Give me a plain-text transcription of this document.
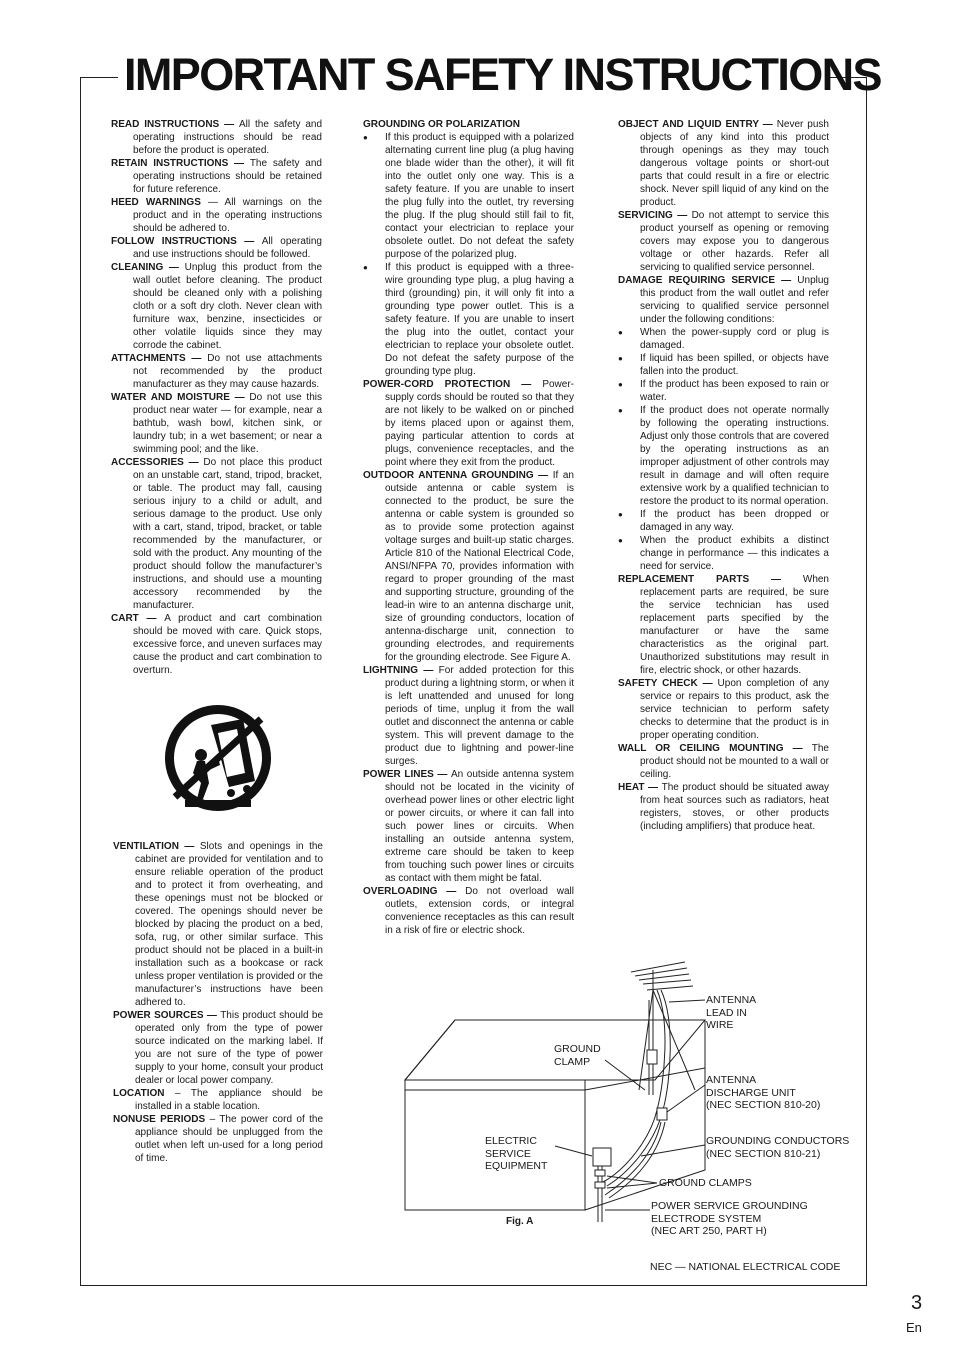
IMPORTANT SAFETY INSTRUCTIONS

READ INSTRUCTIONS — All the safety and operating instructions should be read before the product is operated.

RETAIN INSTRUCTIONS — The safety and operating instructions should be retained for future reference.

HEED WARNINGS — All warnings on the product and in the operating instructions should be adhered to.

FOLLOW INSTRUCTIONS — All operating and use instructions should be followed.

CLEANING — Unplug this product from the wall outlet before cleaning. The product should be cleaned only with a polishing cloth or a soft dry cloth. Never clean with furniture wax, benzine, insecticides or other volatile liquids since they may corrode the cabinet.

ATTACHMENTS — Do not use attachments not recommended by the product manufacturer as they may cause hazards.

WATER AND MOISTURE — Do not use this product near water — for example, near a bathtub, wash bowl, kitchen sink, or laundry tub; in a wet basement; or near a swimming pool; and the like.

ACCESSORIES — Do not place this product on an unstable cart, stand, tripod, bracket, or table. The product may fall, causing serious injury to a child or adult, and serious damage to the product. Use only with a cart, stand, tripod, bracket, or table recommended by the manufacturer, or sold with the product. Any mounting of the product should follow the manufacturer’s instructions, and should use a mounting accessory recommended by the manufacturer.

CART — A product and cart combination should be moved with care. Quick stops, excessive force, and uneven surfaces may cause the product and cart combination to overturn.

VENTILATION — Slots and openings in the cabinet are provided for ventilation and to ensure reliable operation of the product and to protect it from overheating, and these openings must not be blocked or covered. The openings should never be blocked by placing the product on a bed, sofa, rug, or other similar surface. This product should not be placed in a built-in installation such as a bookcase or rack unless proper ventilation is provided or the manufacturer’s instructions have been adhered to.

POWER SOURCES — This product should be operated only from the type of power source indicated on the marking label. If you are not sure of the type of power supply to your home, consult your product dealer or local power company.

LOCATION – The appliance should be installed in a stable location.

NONUSE PERIODS – The power cord of the appliance should be unplugged from the outlet when left un-used for a long period of time.

GROUNDING OR POLARIZATION
● If this product is equipped with a polarized alternating current line plug (a plug having one blade wider than the other), it will fit into the outlet only one way. This is a safety feature. If you are unable to insert the plug fully into the outlet, try reversing the plug. If the plug should still fail to fit, contact your electrician to replace your obsolete outlet. Do not defeat the safety purpose of the polarized plug.
● If this product is equipped with a three-wire grounding type plug, a plug having a third (grounding) pin, it will only fit into a grounding type power outlet. This is a safety feature. If you are unable to insert the plug into the outlet, contact your electrician to replace your obsolete outlet. Do not defeat the safety purpose of the grounding type plug.

POWER-CORD PROTECTION — Power-supply cords should be routed so that they are not likely to be walked on or pinched by items placed upon or against them, paying particular attention to cords at plugs, convenience receptacles, and the point where they exit from the product.

OUTDOOR ANTENNA GROUNDING — If an outside antenna or cable system is connected to the product, be sure the antenna or cable system is grounded so as to provide some protection against voltage surges and built-up static charges. Article 810 of the National Electrical Code, ANSI/NFPA 70, provides information with regard to proper grounding of the mast and supporting structure, grounding of the lead-in wire to an antenna discharge unit, size of grounding conductors, location of antenna-discharge unit, connection to grounding electrodes, and requirements for the grounding electrode. See Figure A.

LIGHTNING — For added protection for this product during a lightning storm, or when it is left unattended and unused for long periods of time, unplug it from the wall outlet and disconnect the antenna or cable system. This will prevent damage to the product due to lightning and power-line surges.

POWER LINES — An outside antenna system should not be located in the vicinity of overhead power lines or other electric light or power circuits, or where it can fall into such power lines or circuits. When installing an outside antenna system, extreme care should be taken to keep from touching such power lines or circuits as contact with them might be fatal.

OVERLOADING — Do not overload wall outlets, extension cords, or integral convenience receptacles as this can result in a risk of fire or electric shock.

OBJECT AND LIQUID ENTRY — Never push objects of any kind into this product through openings as they may touch dangerous voltage points or short-out parts that could result in a fire or electric shock. Never spill liquid of any kind on the product.

SERVICING — Do not attempt to service this product yourself as opening or removing covers may expose you to dangerous voltage or other hazards. Refer all servicing to qualified service personnel.

DAMAGE REQUIRING SERVICE — Unplug this product from the wall outlet and refer servicing to qualified service personnel under the following conditions:

● When the power-supply cord or plug is damaged.
● If liquid has been spilled, or objects have fallen into the product.
● If the product has been exposed to rain or water.
● If the product does not operate normally by following the operating instructions. Adjust only those controls that are covered by the operating instructions as an improper adjustment of other controls may result in damage and will often require extensive work by a qualified technician to restore the product to its normal operation.
● If the product has been dropped or damaged in any way.
● When the product exhibits a distinct change in performance — this indicates a need for service.

REPLACEMENT PARTS — When replacement parts are required, be sure the service technician has used replacement parts specified by the manufacturer or have the same characteristics as the original part. Unauthorized substitutions may result in fire, electric shock, or other hazards.

SAFETY CHECK — Upon completion of any service or repairs to this product, ask the service technician to perform safety checks to determine that the product is in proper operating condition.

WALL OR CEILING MOUNTING — The product should not be mounted to a wall or ceiling.

HEAT — The product should be situated away from heat sources such as radiators, heat registers, stoves, or other products (including amplifiers) that produce heat.

ANTENNA
LEAD IN
WIRE
GROUND
CLAMP
ANTENNA
DISCHARGE UNIT
(NEC SECTION 810-20)
ELECTRIC
SERVICE
EQUIPMENT
GROUNDING CONDUCTORS
(NEC SECTION 810-21)
GROUND CLAMPS
POWER SERVICE GROUNDING
ELECTRODE SYSTEM
(NEC ART 250, PART H)
Fig. A
NEC — NATIONAL ELECTRICAL CODE
3
En
